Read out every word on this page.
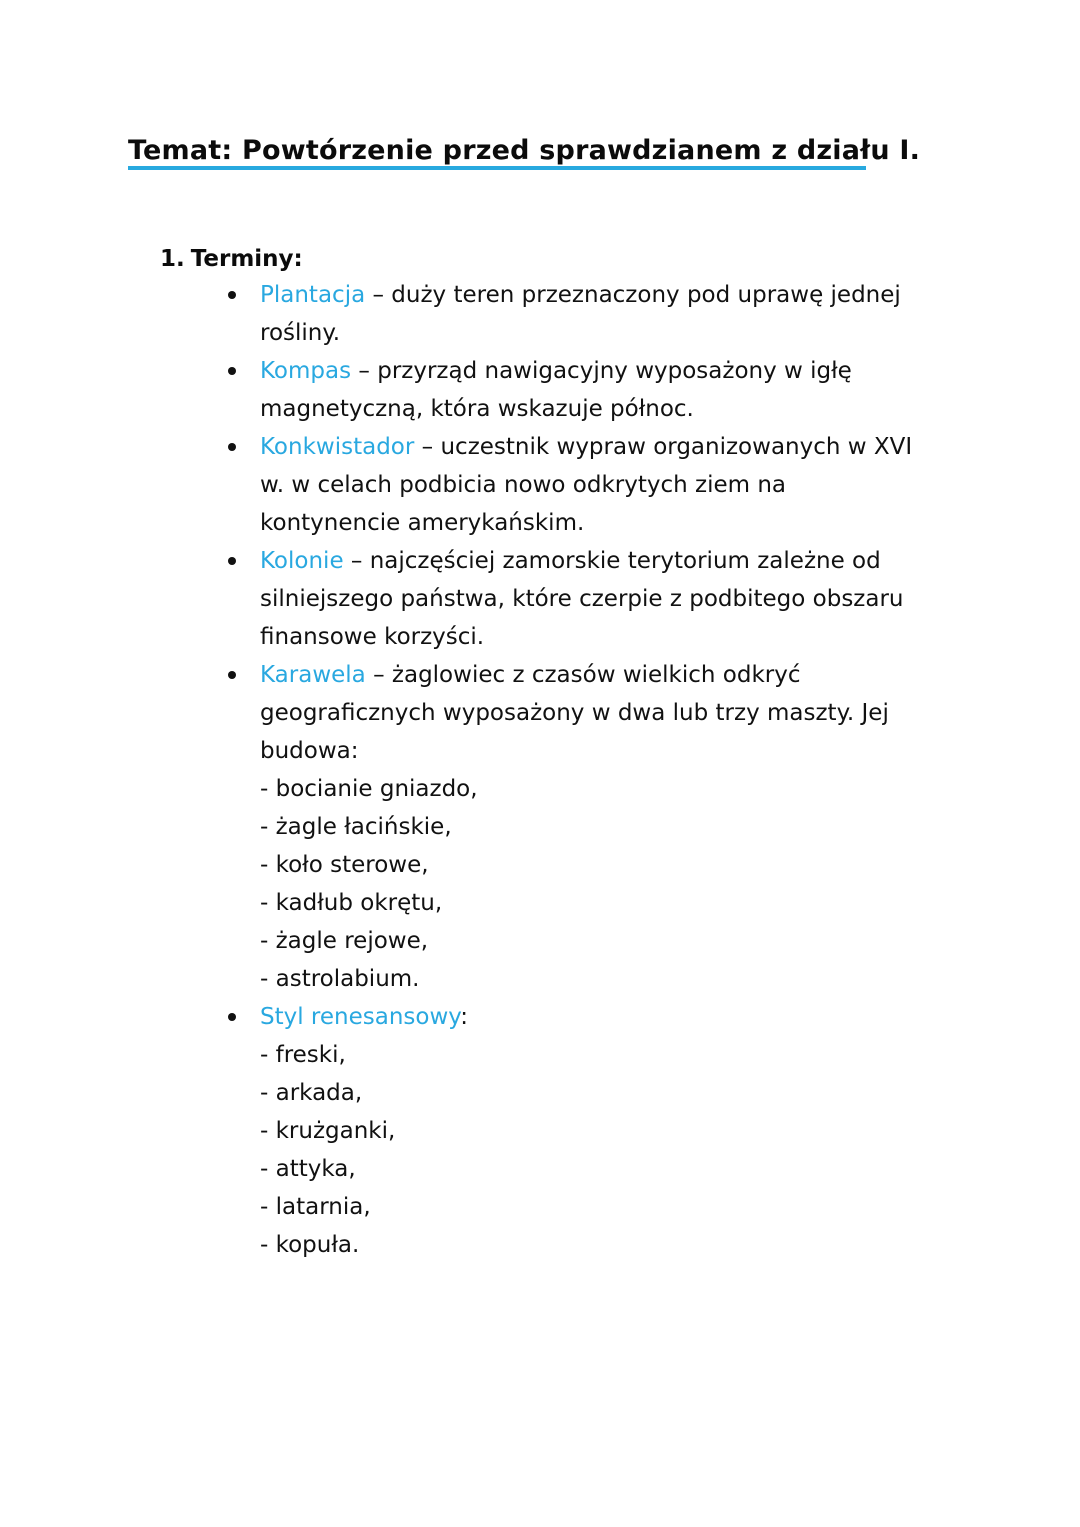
Temat: Powtórzenie przed sprawdzianem z działu I.
1. Terminy:
Plantacja – duży teren przeznaczony pod uprawę jednej rośliny.
Kompas – przyrząd nawigacyjny wyposażony w igłę magnetyczną, która wskazuje północ.
Konkwistador – uczestnik wypraw organizowanych w XVI w. w celach podbicia nowo odkrytych ziem na kontynencie amerykańskim.
Kolonie – najczęściej zamorskie terytorium zależne od silniejszego państwa, które czerpie z podbitego obszaru finansowe korzyści.
Karawela – żaglowiec z czasów wielkich odkryć geograficznych wyposażony w dwa lub trzy maszty. Jej budowa:
- bocianie gniazdo,
- żagle łacińskie,
- koło sterowe,
- kadłub okrętu,
- żagle rejowe,
- astrolabium.
Styl renesansowy:
- freski,
- arkada,
- krużganki,
- attyka,
- latarnia,
- kopuła.
